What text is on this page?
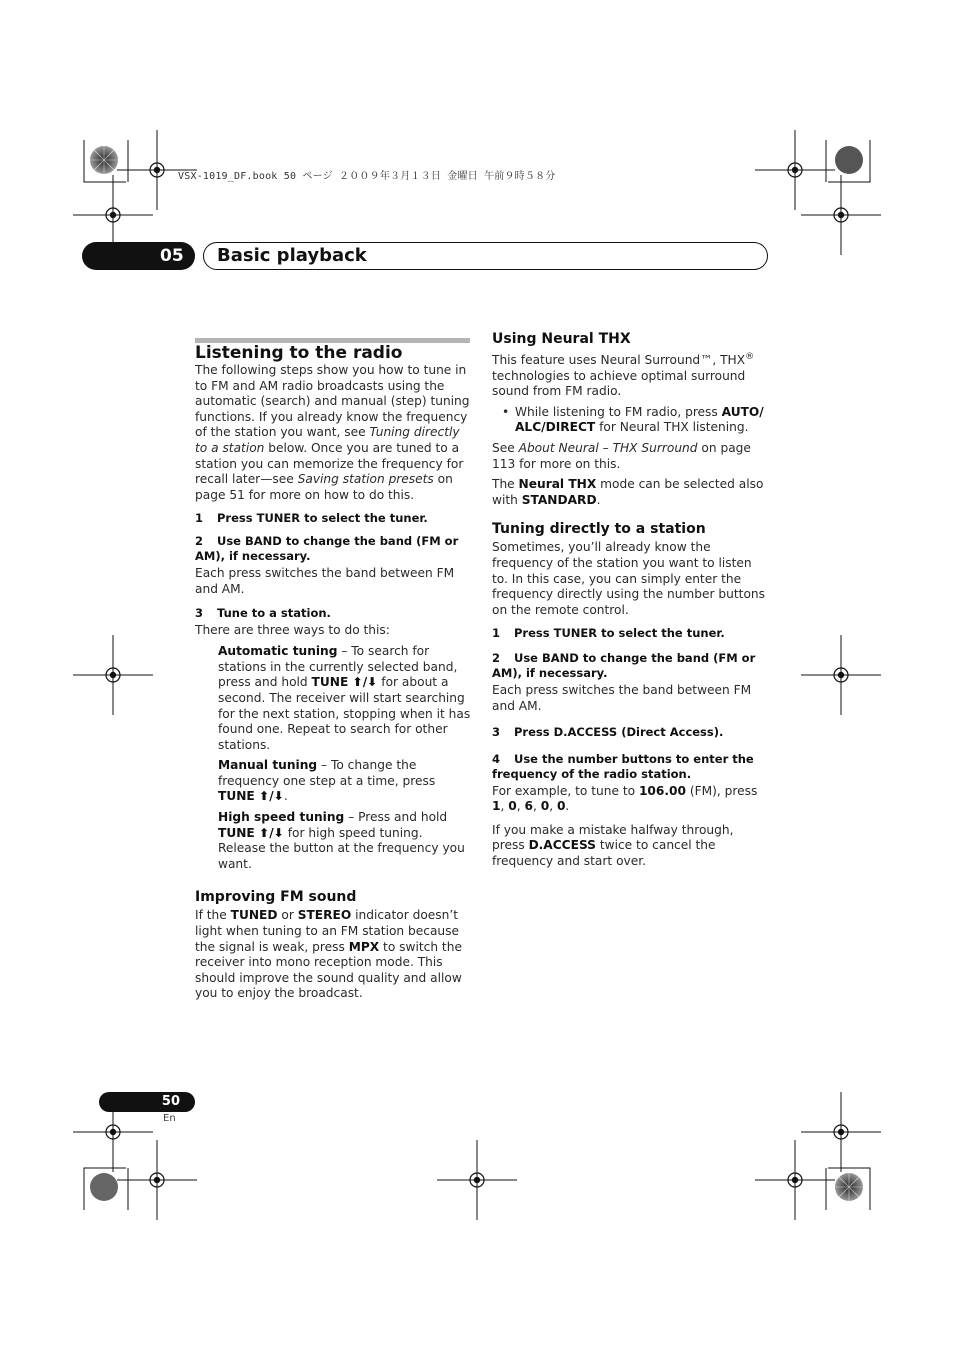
VSX-1019_DF.book 50 ページ ２００９年３月１３日 金曜日 午前９時５８分
05	Basic playback
Listening to the radio

The following steps show you how to tune in to FM and AM radio broadcasts using the automatic (search) and manual (step) tuning functions. If you already know the frequency of the station you want, see Tuning directly to a station below. Once you are tuned to a station you can memorize the frequency for recall later—see Saving station presets on page 51 for more on how to do this.

1 Press TUNER to select the tuner.

2 Use BAND to change the band (FM or AM), if necessary.

Each press switches the band between FM and AM.

3 Tune to a station.

There are three ways to do this:

Automatic tuning – To search for stations in the currently selected band, press and hold TUNE ⬆/⬇ for about a second. The receiver will start searching for the next station, stopping when it has found one. Repeat to search for other stations.

Manual tuning – To change the frequency one step at a time, press TUNE ⬆/⬇.

High speed tuning – Press and hold TUNE ⬆/⬇ for high speed tuning. Release the button at the frequency you want.

Improving FM sound

If the TUNED or STEREO indicator doesn’t light when tuning to an FM station because the signal is weak, press MPX to switch the receiver into mono reception mode. This should improve the sound quality and allow you to enjoy the broadcast.

Using Neural THX

This feature uses Neural Surround™, THX® technologies to achieve optimal surround sound from FM radio.

• While listening to FM radio, press AUTO/ ALC/DIRECT for Neural THX listening.

See About Neural – THX Surround on page 113 for more on this.

The Neural THX mode can be selected also with STANDARD.

Tuning directly to a station

Sometimes, you’ll already know the frequency of the station you want to listen to. In this case, you can simply enter the frequency directly using the number buttons on the remote control.

1 Press TUNER to select the tuner.

2 Use BAND to change the band (FM or AM), if necessary.

Each press switches the band between FM and AM.

3 Press D.ACCESS (Direct Access).

4 Use the number buttons to enter the frequency of the radio station.

For example, to tune to 106.00 (FM), press 1, 0, 6, 0, 0.

If you make a mistake halfway through, press D.ACCESS twice to cancel the frequency and start over.

50
En
